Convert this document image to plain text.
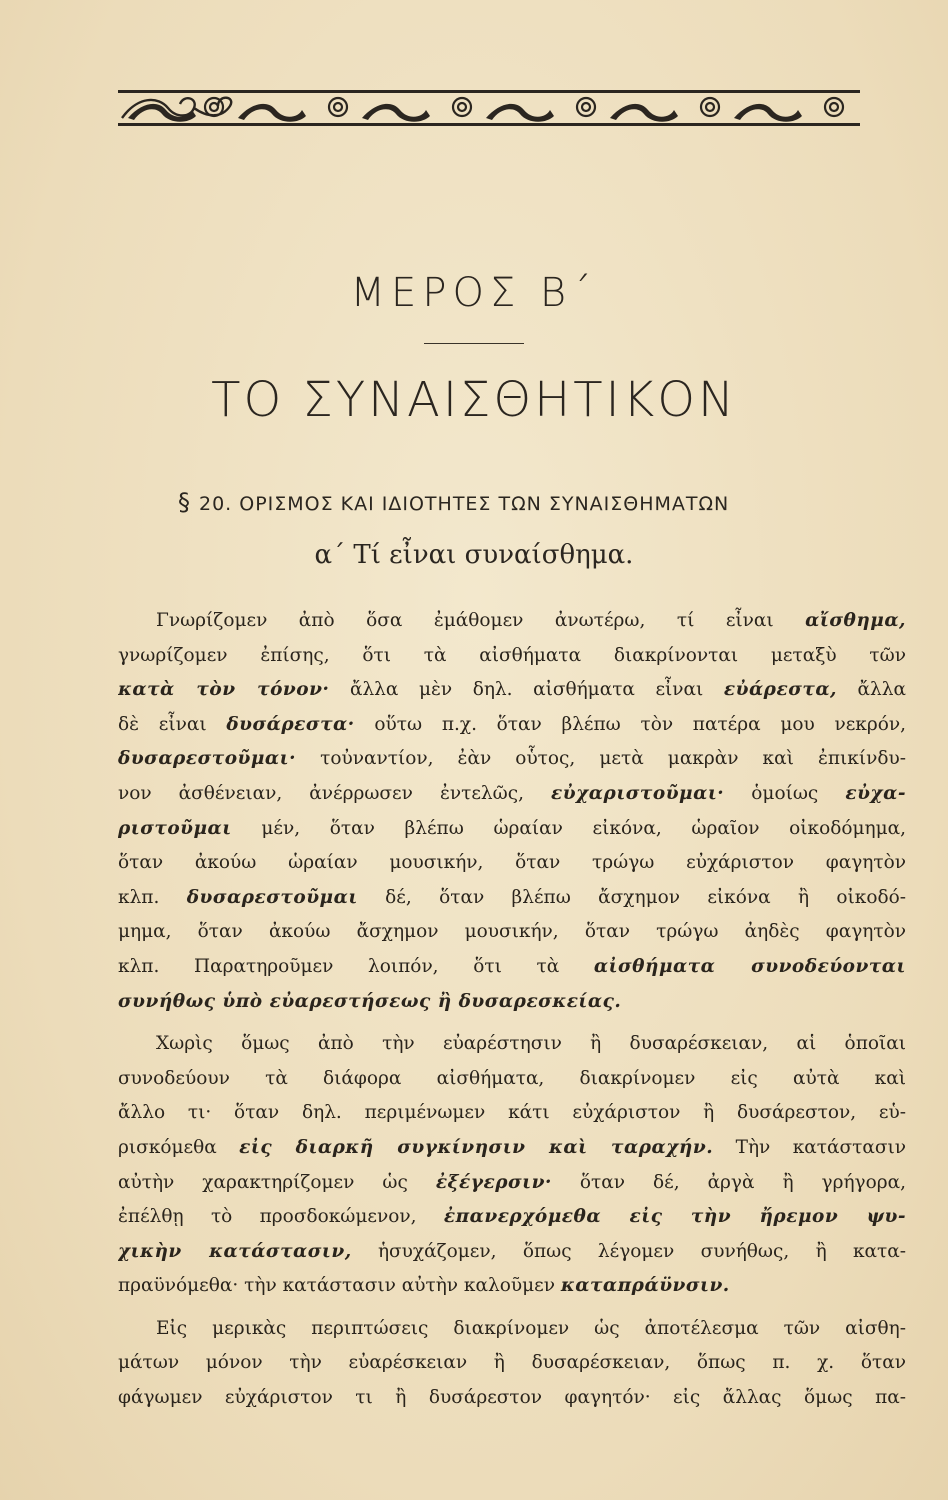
ΜΕΡΟΣ Β΄
ΤΟ ΣΥΝΑΙΣΘΗΤΙΚΟΝ
§ 20. ΟΡΙΣΜΟΣ ΚΑΙ ΙΔΙΟΤΗΤΕΣ ΤΩΝ ΣΥΝΑΙΣΘΗΜΑΤΩΝ
α΄ Τί εἶναι συναίσθημα.
Γνωρίζομεν ἀπὸ ὅσα ἐμάθομεν ἀνωτέρω, τί εἶναι αἴσθημα,
γνωρίζομεν ἐπίσης, ὅτι τὰ αἰσθήματα διακρίνονται μεταξὺ τῶν
κατὰ τὸν τόνον· ἄλλα μὲν δηλ. αἰσθήματα εἶναι εὐάρεστα, ἄλλα
δὲ εἶναι δυσάρεστα· οὕτω π.χ. ὅταν βλέπω τὸν πατέρα μου νεκρόν,
δυσαρεστοῦμαι· τοὐναντίον, ἐὰν οὗτος, μετὰ μακρὰν καὶ ἐπικίνδυ-
νον ἀσθένειαν, ἀνέρρωσεν ἐντελῶς, εὐχαριστοῦμαι· ὁμοίως εὐχα-
ριστοῦμαι μέν, ὅταν βλέπω ὡραίαν εἰκόνα, ὡραῖον οἰκοδόμημα,
ὅταν ἀκούω ὡραίαν μουσικήν, ὅταν τρώγω εὐχάριστον φαγητὸν
κλπ. δυσαρεστοῦμαι δέ, ὅταν βλέπω ἄσχημον εἰκόνα ἢ οἰκοδό-
μημα, ὅταν ἀκούω ἄσχημον μουσικήν, ὅταν τρώγω ἀηδὲς φαγητὸν
κλπ. Παρατηροῦμεν λοιπόν, ὅτι τὰ αἰσθήματα συνοδεύονται
συνήθως ὑπὸ εὐαρεστήσεως ἢ δυσαρεσκείας.
Χωρὶς ὅμως ἀπὸ τὴν εὐαρέστησιν ἢ δυσαρέσκειαν, αἱ ὁποῖαι
συνοδεύουν τὰ διάφορα αἰσθήματα, διακρίνομεν εἰς αὐτὰ καὶ
ἄλλο τι· ὅταν δηλ. περιμένωμεν κάτι εὐχάριστον ἢ δυσάρεστον, εὑ-
ρισκόμεθα εἰς διαρκῆ συγκίνησιν καὶ ταραχήν. Τὴν κατάστασιν
αὐτὴν χαρακτηρίζομεν ὡς ἐξέγερσιν· ὅταν δέ, ἀργὰ ἢ γρήγορα,
ἐπέλθῃ τὸ προσδοκώμενον, ἐπανερχόμεθα εἰς τὴν ἤρεμον ψυ-
χικὴν κατάστασιν, ἡσυχάζομεν, ὅπως λέγομεν συνήθως, ἢ κατα-
πραϋνόμεθα· τὴν κατάστασιν αὐτὴν καλοῦμεν καταπράϋνσιν.
Εἰς μερικὰς περιπτώσεις διακρίνομεν ὡς ἀποτέλεσμα τῶν αἰσθη-
μάτων μόνον τὴν εὐαρέσκειαν ἢ δυσαρέσκειαν, ὅπως π. χ. ὅταν
φάγωμεν εὐχάριστον τι ἢ δυσάρεστον φαγητόν· εἰς ἄλλας ὅμως πα-
